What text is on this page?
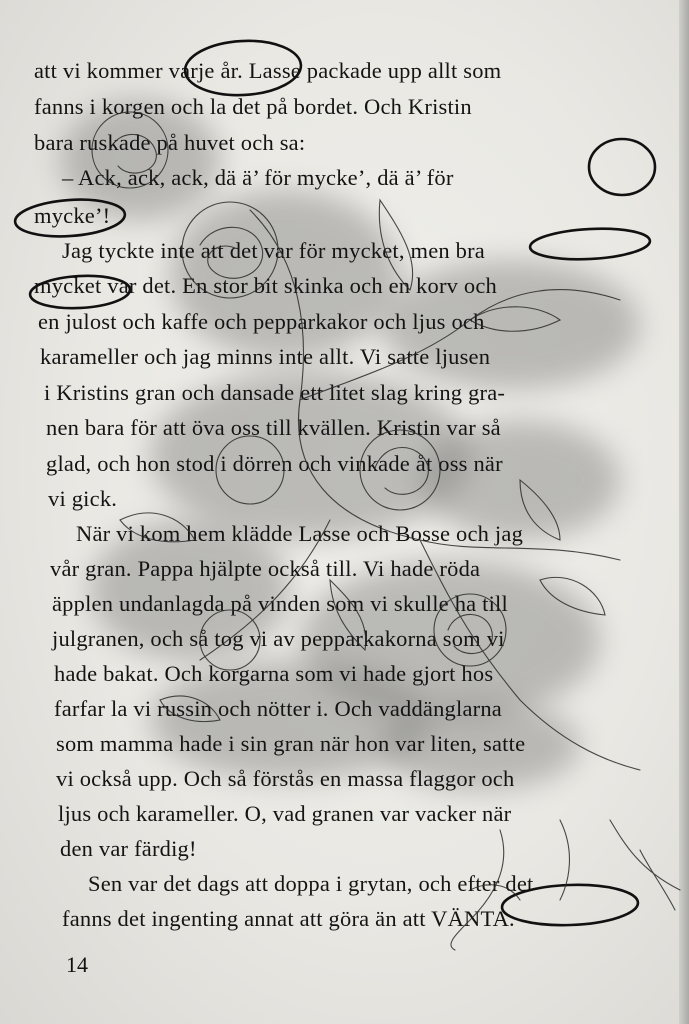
att vi kommer varje år. Lasse packade upp allt som
fanns i korgen och la det på bordet. Och Kristin
bara ruskade på huvet och sa:
– Ack, ack, ack, dä ä’ för mycke’, dä ä’ för
mycke’!
Jag tyckte inte att det var för mycket, men bra
mycket var det. En stor bit skinka och en korv och
en julost och kaffe och pepparkakor och ljus och
karameller och jag minns inte allt. Vi satte ljusen
i Kristins gran och dansade ett litet slag kring gra-
nen bara för att öva oss till kvällen. Kristin var så
glad, och hon stod i dörren och vinkade åt oss när
vi gick.
När vi kom hem klädde Lasse och Bosse och jag
vår gran. Pappa hjälpte också till. Vi hade röda
äpplen undanlagda på vinden som vi skulle ha till
julgranen, och så tog vi av pepparkakorna som vi
hade bakat. Och korgarna som vi hade gjort hos
farfar la vi russin och nötter i. Och vaddänglarna
som mamma hade i sin gran när hon var liten, satte
vi också upp. Och så förstås en massa flaggor och
ljus och karameller. O, vad granen var vacker när
den var färdig!
Sen var det dags att doppa i grytan, och efter det
fanns det ingenting annat att göra än att VÄNTA.
14
